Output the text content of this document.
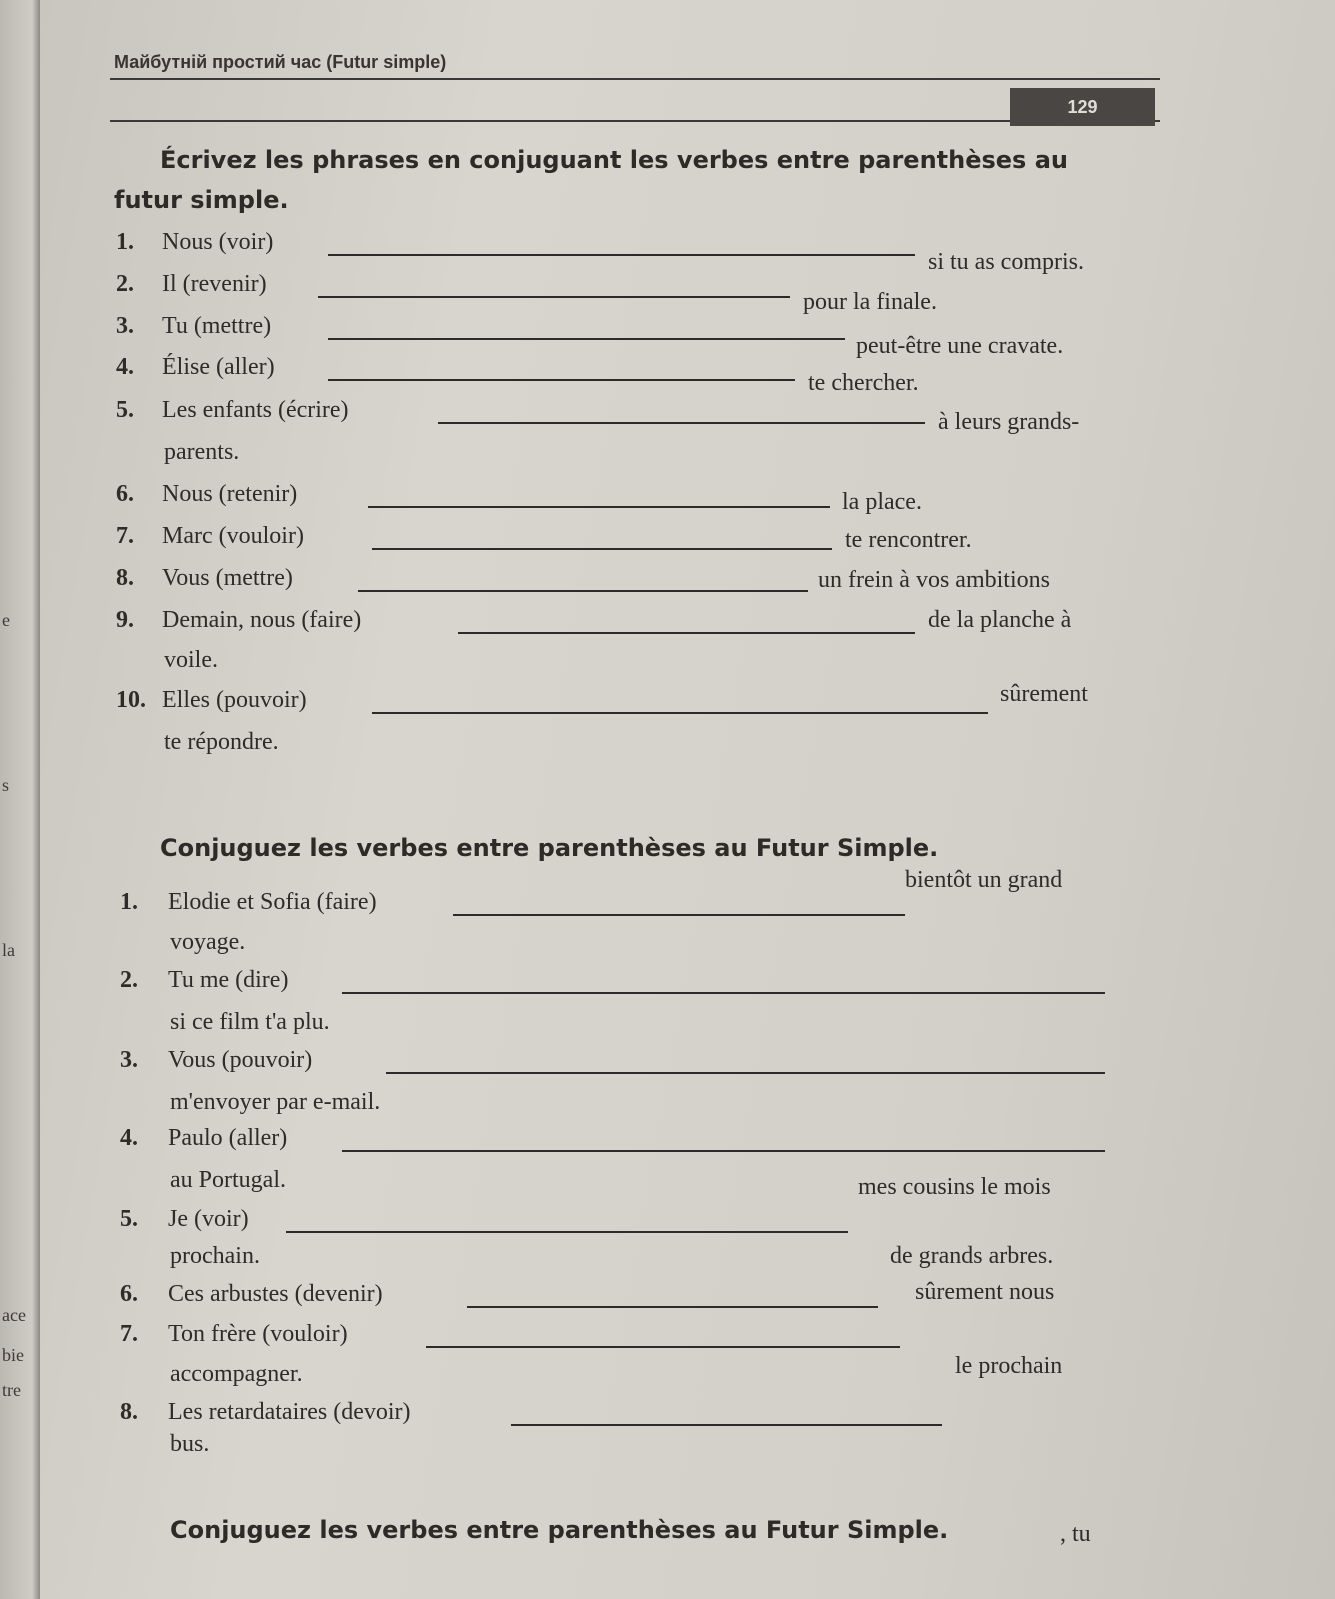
e
s
la
ace
bie
tre
Майбутній простий час (Futur simple)
129
Écrivez les phrases en conjuguant les verbes entre parenthèses au futur simple.
1. Nous (voir)
si tu as compris.
2. Il (revenir)
pour la finale.
3. Tu (mettre)
peut-être une cravate.
4. Élise (aller)
te chercher.
5. Les enfants (écrire)	à leurs grands-
parents.
6. Nous (retenir)	la place.
7. Marc (vouloir)	te rencontrer.
8. Vous (mettre)	un frein à vos ambitions
9. Demain, nous (faire)	de la planche à
voile.
10. Elles (pouvoir)	sûrement
te répondre.
Conjuguez les verbes entre parenthèses au Futur Simple.
1. Elodie et Sofia (faire)
bientôt un grand
voyage.
2. Tu me (dire)
si ce film t'a plu.
3. Vous (pouvoir)
m'envoyer par e-mail.
4. Paulo (aller)
au Portugal.
5. Je (voir)
mes cousins le mois
prochain.
6. Ces arbustes (devenir)
de grands arbres.
7. Ton frère (vouloir)
sûrement nous
accompagner.
8. Les retardataires (devoir)
le prochain
bus.
Conjuguez les verbes entre parenthèses au Futur Simple.	, tu
